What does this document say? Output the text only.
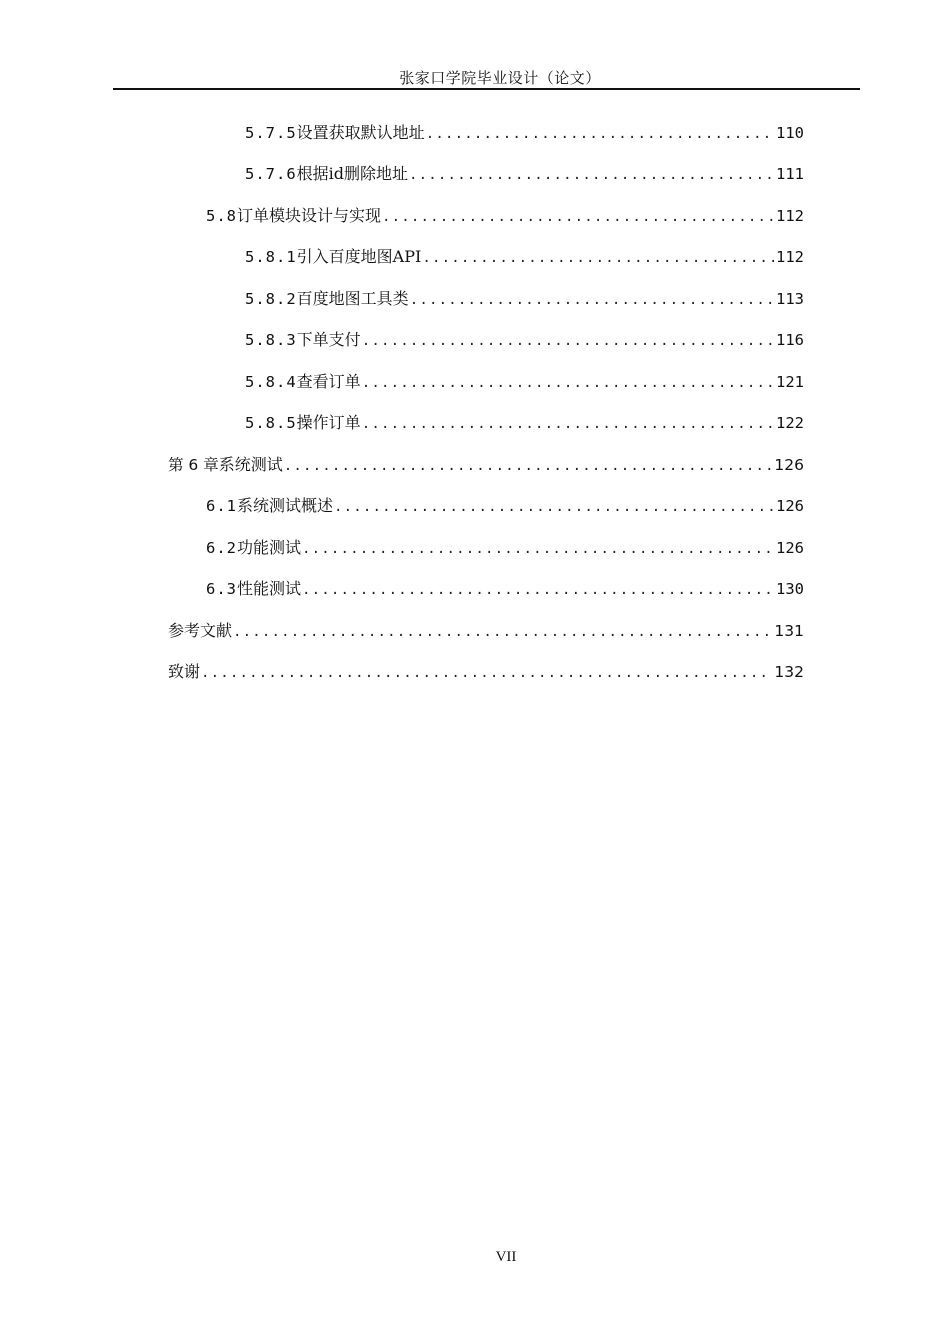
张家口学院毕业设计（论文）
5.7.5 设置获取默认地址 .....	110
5.7.6 根据id删除地址 .....	111
5.8 订单模块设计与实现 .....	112
5.8.1 引入百度地图API .....	112
5.8.2 百度地图工具类 .....	113
5.8.3 下单支付 .....	116
5.8.4 查看订单 .....	121
5.8.5 操作订单 .....	122
第 6 章 系统测试 .....	126
6.1 系统测试概述 .....	126
6.2 功能测试 .....	126
6.3 性能测试 .....	130
参考文献 .....	131
致谢 .....	132
VII
